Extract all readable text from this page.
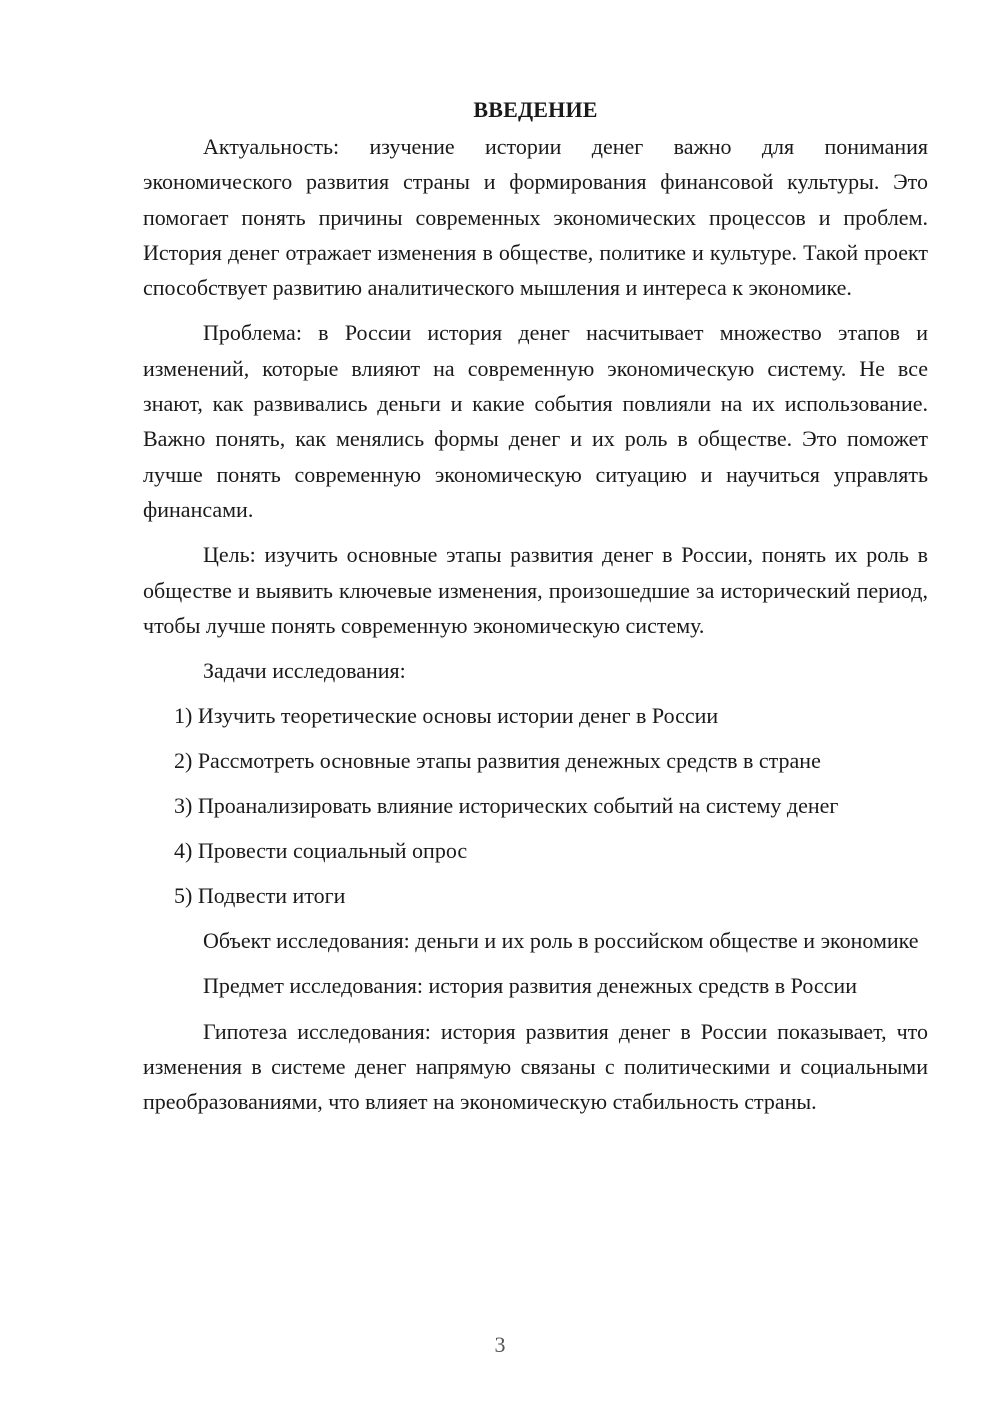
ВВЕДЕНИЕ

Актуальность: изучение истории денег важно для понимания экономического развития страны и формирования финансовой культуры. Это помогает понять причины современных экономических процессов и проблем. История денег отражает изменения в обществе, политике и культуре. Такой проект способствует развитию аналитического мышления и интереса к экономике.

Проблема: в России история денег насчитывает множество этапов и изменений, которые влияют на современную экономическую систему. Не все знают, как развивались деньги и какие события повлияли на их использование. Важно понять, как менялись формы денег и их роль в обществе. Это поможет лучше понять современную экономическую ситуацию и научиться управлять финансами.

Цель: изучить основные этапы развития денег в России, понять их роль в обществе и выявить ключевые изменения, произошедшие за исторический период, чтобы лучше понять современную экономическую систему.

Задачи исследования:

1) Изучить теоретические основы истории денег в России
2) Рассмотреть основные этапы развития денежных средств в стране
3) Проанализировать влияние исторических событий на систему денег
4) Провести социальный опрос
5) Подвести итоги

Объект исследования: деньги и их роль в российском обществе и экономике

Предмет исследования: история развития денежных средств в России

Гипотеза исследования: история развития денег в России показывает, что изменения в системе денег напрямую связаны с политическими и социальными преобразованиями, что влияет на экономическую стабильность страны.

3
